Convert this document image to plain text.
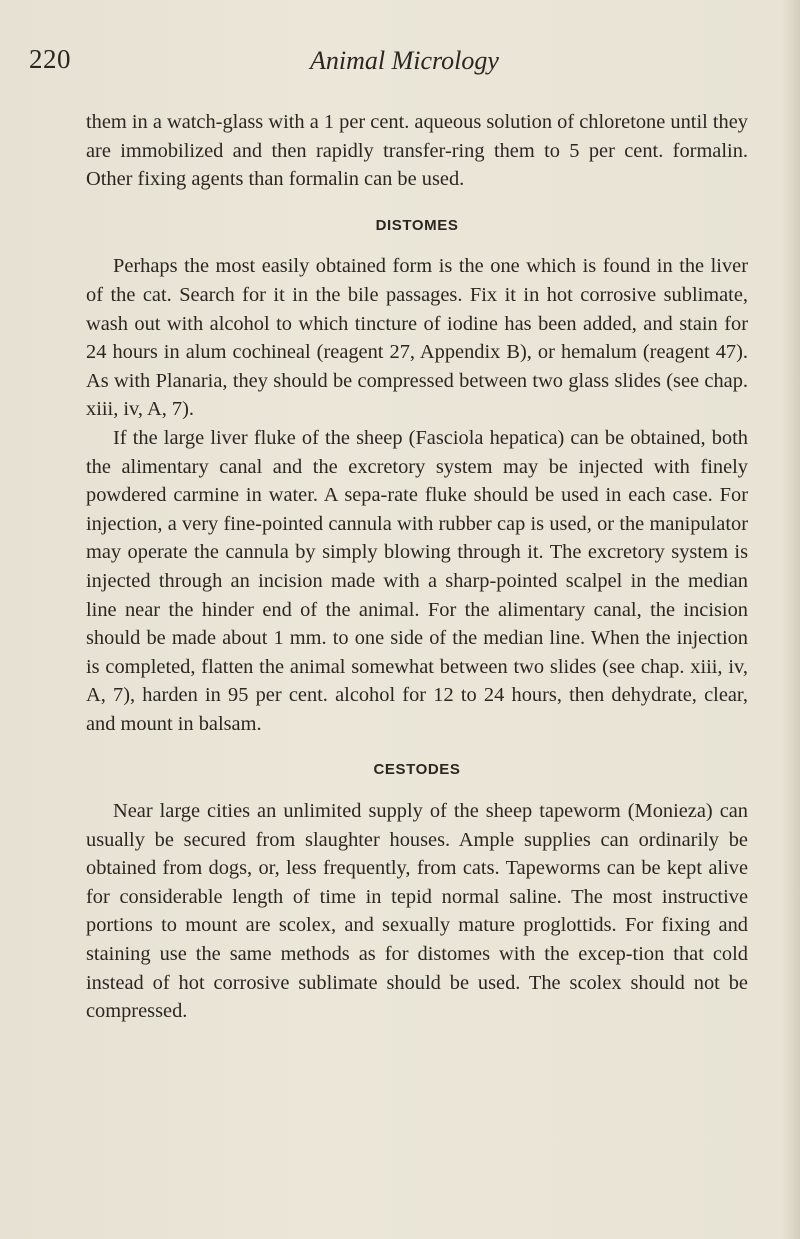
220	Animal Micrology

them in a watch-glass with a 1 per cent. aqueous solution of chloretone until they are immobilized and then rapidly transfer-ring them to 5 per cent. formalin. Other fixing agents than formalin can be used.

DISTOMES

Perhaps the most easily obtained form is the one which is found in the liver of the cat. Search for it in the bile passages. Fix it in hot corrosive sublimate, wash out with alcohol to which tincture of iodine has been added, and stain for 24 hours in alum cochineal (reagent 27, Appendix B), or hemalum (reagent 47). As with Planaria, they should be compressed between two glass slides (see chap. xiii, iv, A, 7).

If the large liver fluke of the sheep (Fasciola hepatica) can be obtained, both the alimentary canal and the excretory system may be injected with finely powdered carmine in water. A sepa-rate fluke should be used in each case. For injection, a very fine-pointed cannula with rubber cap is used, or the manipulator may operate the cannula by simply blowing through it. The excretory system is injected through an incision made with a sharp-pointed scalpel in the median line near the hinder end of the animal. For the alimentary canal, the incision should be made about 1 mm. to one side of the median line. When the injection is completed, flatten the animal somewhat between two slides (see chap. xiii, iv, A, 7), harden in 95 per cent. alcohol for 12 to 24 hours, then dehydrate, clear, and mount in balsam.

CESTODES

Near large cities an unlimited supply of the sheep tapeworm (Monieza) can usually be secured from slaughter houses. Ample supplies can ordinarily be obtained from dogs, or, less frequently, from cats. Tapeworms can be kept alive for considerable length of time in tepid normal saline. The most instructive portions to mount are scolex, and sexually mature proglottids. For fixing and staining use the same methods as for distomes with the excep-tion that cold instead of hot corrosive sublimate should be used. The scolex should not be compressed.
